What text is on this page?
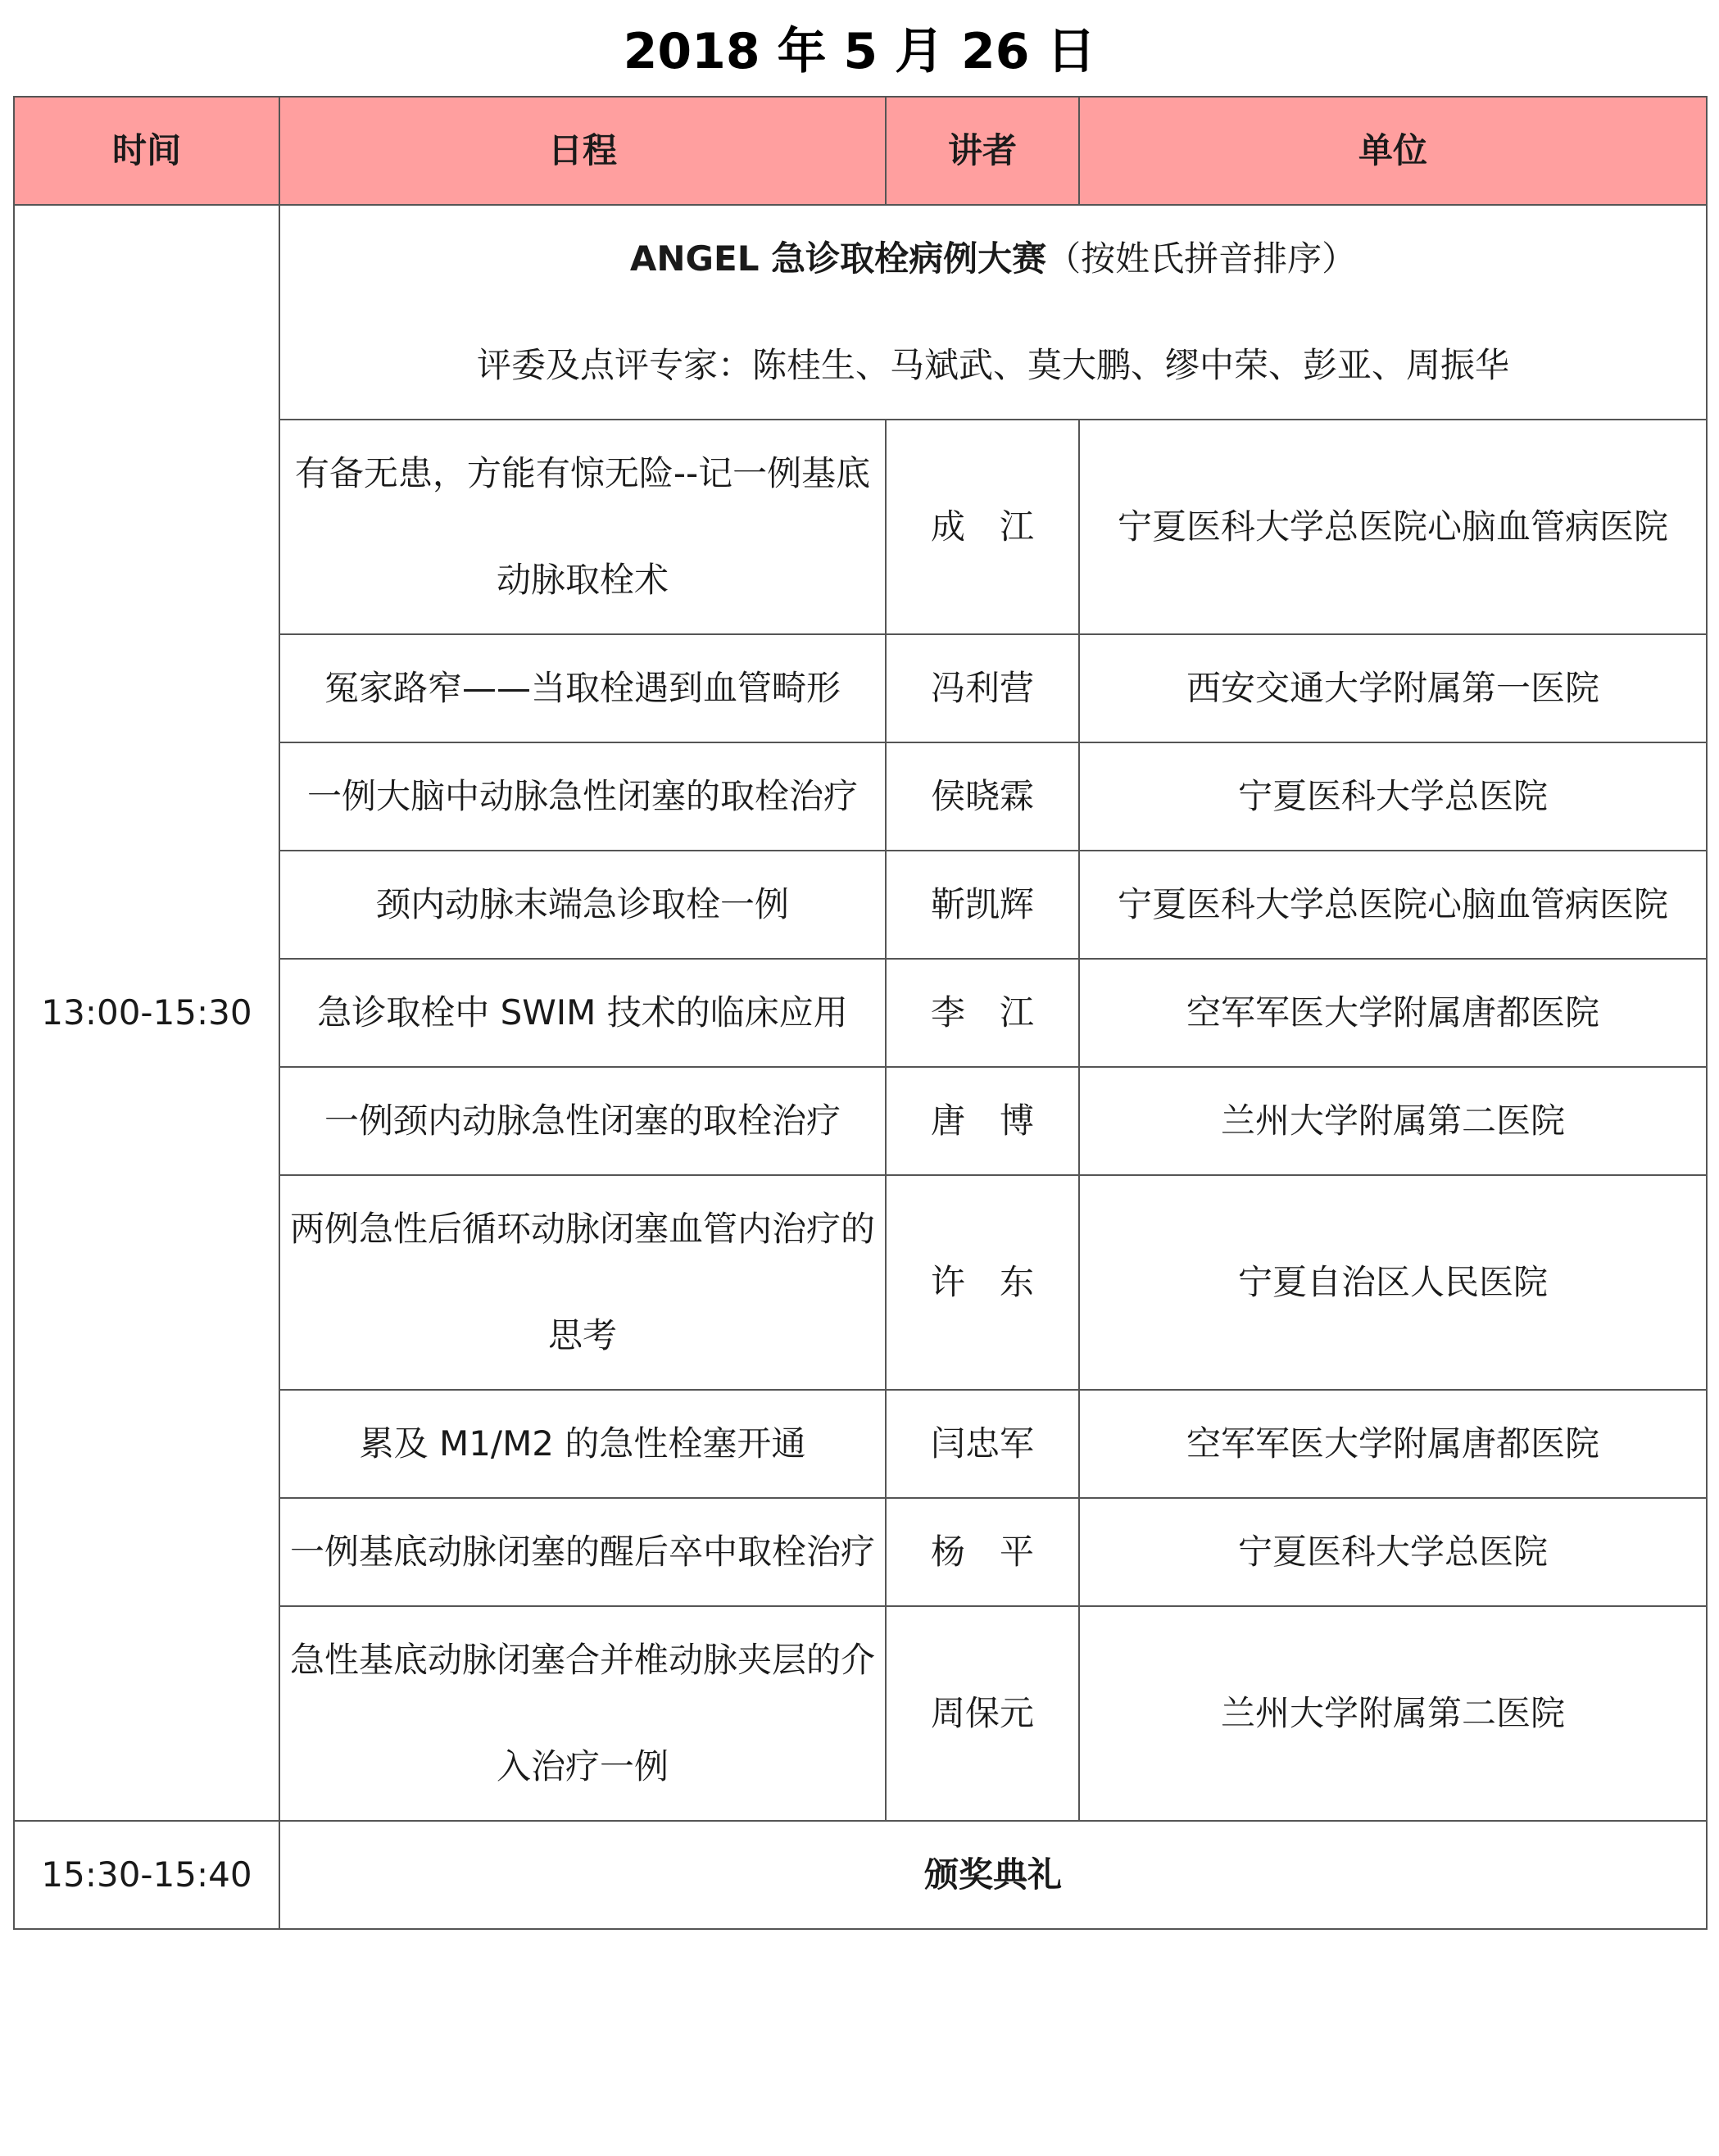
2018 年 5 月 26 日
时间	日程	讲者	单位
13:00-15:30	ANGEL 急诊取栓病例大赛（按姓氏拼音排序）
评委及点评专家：陈桂生、马斌武、莫大鹏、缪中荣、彭亚、周振华		

	有备无患，方能有惊无险--记一例基底动脉取栓术	成　江	宁夏医科大学总医院心脑血管病医院
	冤家路窄——当取栓遇到血管畸形	冯利营	西安交通大学附属第一医院
	一例大脑中动脉急性闭塞的取栓治疗	侯晓霖	宁夏医科大学总医院
	颈内动脉末端急诊取栓一例	靳凯辉	宁夏医科大学总医院心脑血管病医院
	急诊取栓中 SWIM 技术的临床应用	李　江	空军军医大学附属唐都医院
	一例颈内动脉急性闭塞的取栓治疗	唐　博	兰州大学附属第二医院
	两例急性后循环动脉闭塞血管内治疗的思考	许　东	宁夏自治区人民医院
	累及 M1/M2 的急性栓塞开通	闫忠军	空军军医大学附属唐都医院
	一例基底动脉闭塞的醒后卒中取栓治疗	杨　平	宁夏医科大学总医院
	急性基底动脉闭塞合并椎动脉夹层的介入治疗一例	周保元	兰州大学附属第二医院
15:30-15:40	颁奖典礼		
